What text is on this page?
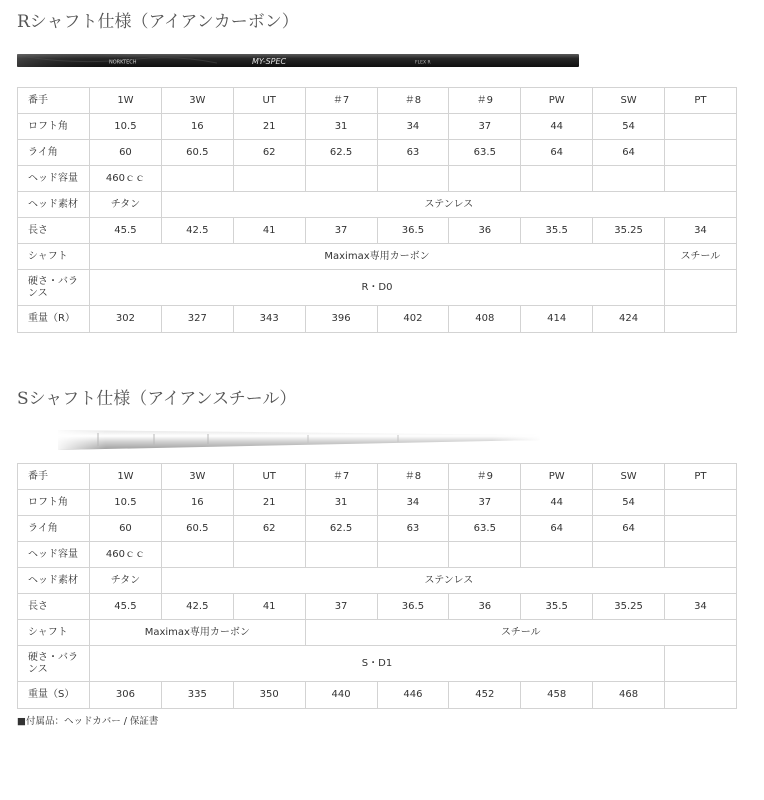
Rシャフト仕様（アイアンカーボン）
NORKTECH	MY-SPEC	FLEX R
番手	1W	3W	UT	＃7	＃8	＃9	PW	SW	PT
ロフト角	10.5	16	21	31	34	37	44	54	
ライ角	60	60.5	62	62.5	63	63.5	64	64	
ヘッド容量	460ｃｃ								
ヘッド素材	チタン	ステンレス							
長さ	45.5	42.5	41	37	36.5	36	35.5	35.25	34
シャフト	Maximax専用カーボン								スチール
硬さ・バランス	R・D0								
重量（R）	302	327	343	396	402	408	414	424	
Sシャフト仕様（アイアンスチール）
番手	1W	3W	UT	＃7	＃8	＃9	PW	SW	PT
ロフト角	10.5	16	21	31	34	37	44	54	
ライ角	60	60.5	62	62.5	63	63.5	64	64	
ヘッド容量	460ｃｃ								
ヘッド素材	チタン	ステンレス							
長さ	45.5	42.5	41	37	36.5	36	35.5	35.25	34
シャフト	Maximax専用カーボン			スチール					
硬さ・バランス	S・D1								
重量（S）	306	335	350	440	446	452	458	468	
■付属品：ヘッドカバー / 保証書
